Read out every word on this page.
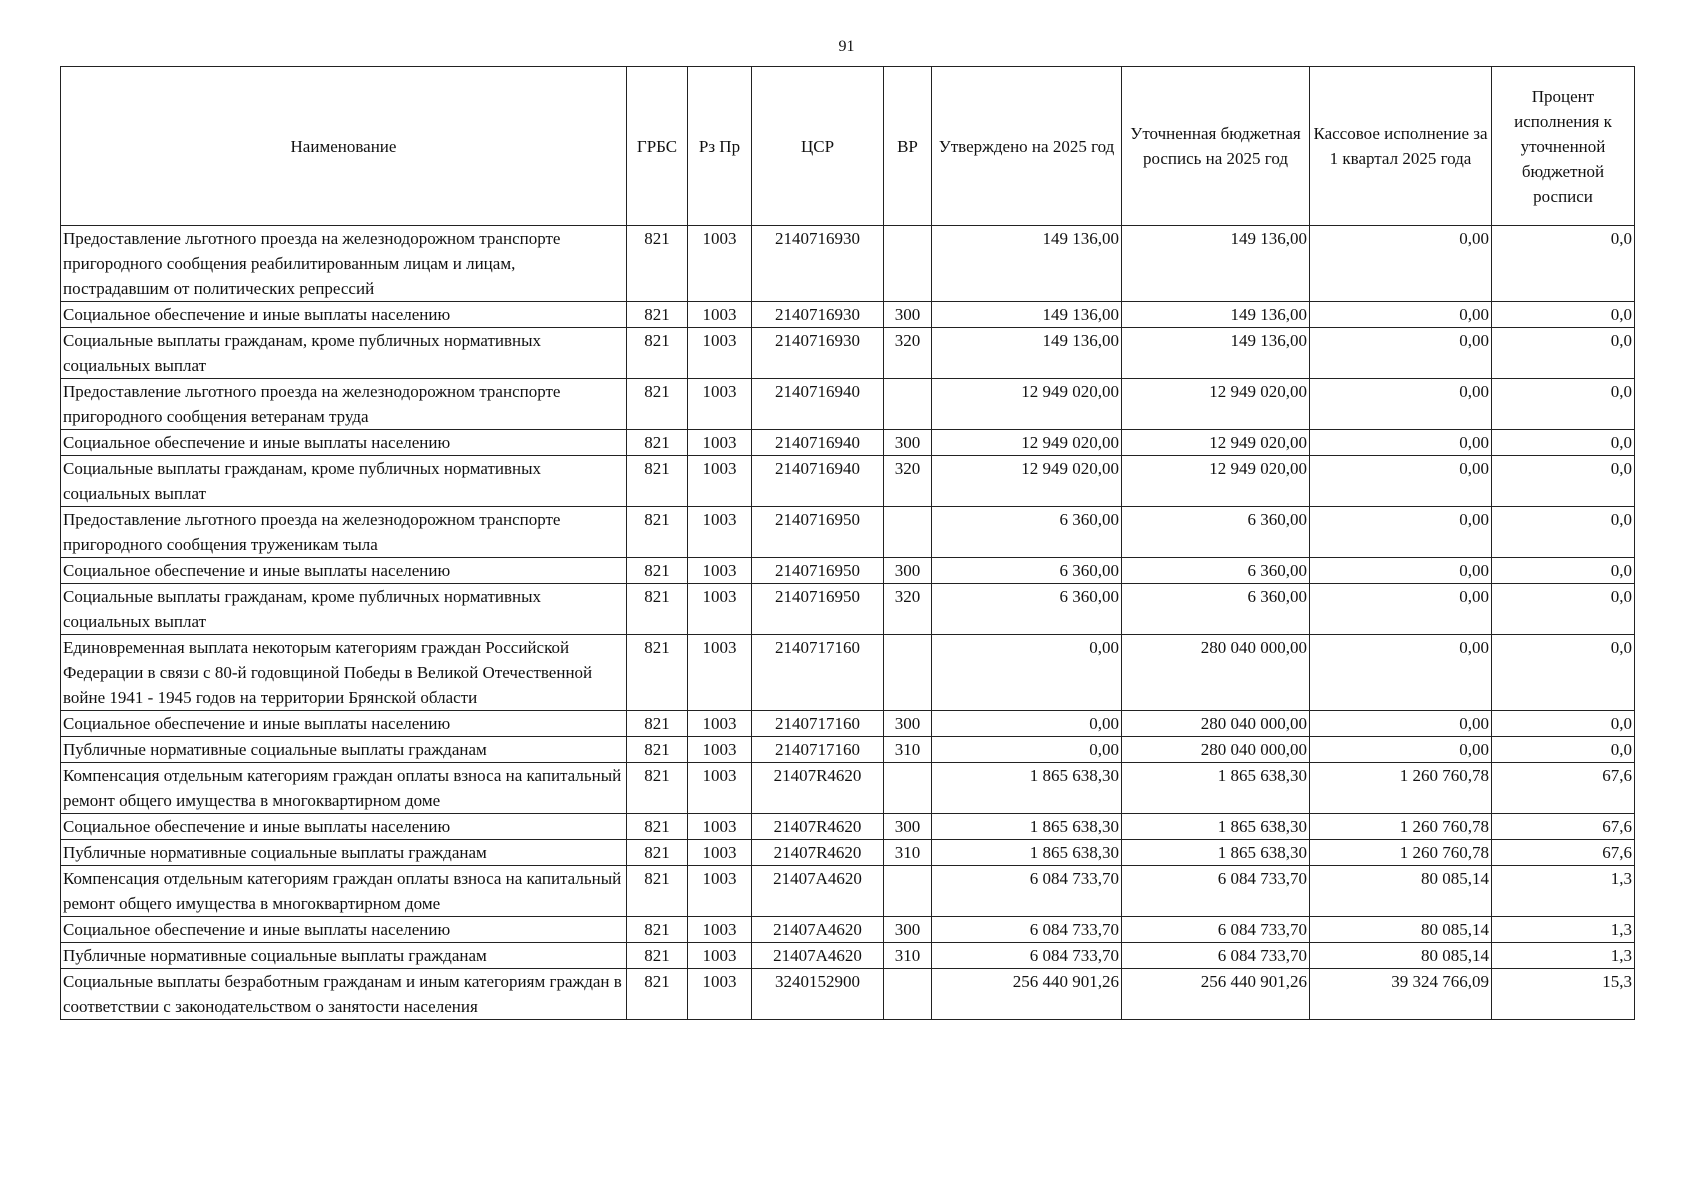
91
Наименование	ГРБС	Рз Пр	ЦСР	ВР	Утверждено на 2025 год	Уточненная бюджетная роспись на 2025 год	Кассовое исполнение за 1 квартал 2025 года	Процент исполнения к уточненной бюджетной росписи
Предоставление льготного проезда на железнодорожном транспорте пригородного сообщения реабилитированным лицам и лицам, пострадавшим от политических репрессий	821	1003	2140716930		149 136,00	149 136,00	0,00	0,0
Социальное обеспечение и иные выплаты населению	821	1003	2140716930	300	149 136,00	149 136,00	0,00	0,0
Социальные выплаты гражданам, кроме публичных нормативных социальных выплат	821	1003	2140716930	320	149 136,00	149 136,00	0,00	0,0
Предоставление льготного проезда на железнодорожном транспорте пригородного сообщения ветеранам труда	821	1003	2140716940		12 949 020,00	12 949 020,00	0,00	0,0
Социальное обеспечение и иные выплаты населению	821	1003	2140716940	300	12 949 020,00	12 949 020,00	0,00	0,0
Социальные выплаты гражданам, кроме публичных нормативных социальных выплат	821	1003	2140716940	320	12 949 020,00	12 949 020,00	0,00	0,0
Предоставление льготного проезда на железнодорожном транспорте пригородного сообщения труженикам тыла	821	1003	2140716950		6 360,00	6 360,00	0,00	0,0
Социальное обеспечение и иные выплаты населению	821	1003	2140716950	300	6 360,00	6 360,00	0,00	0,0
Социальные выплаты гражданам, кроме публичных нормативных социальных выплат	821	1003	2140716950	320	6 360,00	6 360,00	0,00	0,0
Единовременная выплата некоторым категориям граждан Российской Федерации в связи с 80-й годовщиной Победы в Великой Отечественной войне 1941 - 1945 годов на территории Брянской области	821	1003	2140717160		0,00	280 040 000,00	0,00	0,0
Социальное обеспечение и иные выплаты населению	821	1003	2140717160	300	0,00	280 040 000,00	0,00	0,0
Публичные нормативные социальные выплаты гражданам	821	1003	2140717160	310	0,00	280 040 000,00	0,00	0,0
Компенсация отдельным категориям граждан оплаты взноса на капитальный ремонт общего имущества в многоквартирном доме	821	1003	21407R4620		1 865 638,30	1 865 638,30	1 260 760,78	67,6
Социальное обеспечение и иные выплаты населению	821	1003	21407R4620	300	1 865 638,30	1 865 638,30	1 260 760,78	67,6
Публичные нормативные социальные выплаты гражданам	821	1003	21407R4620	310	1 865 638,30	1 865 638,30	1 260 760,78	67,6
Компенсация отдельным категориям граждан оплаты взноса на капитальный ремонт общего имущества в многоквартирном доме	821	1003	21407A4620		6 084 733,70	6 084 733,70	80 085,14	1,3
Социальное обеспечение и иные выплаты населению	821	1003	21407A4620	300	6 084 733,70	6 084 733,70	80 085,14	1,3
Публичные нормативные социальные выплаты гражданам	821	1003	21407A4620	310	6 084 733,70	6 084 733,70	80 085,14	1,3
Социальные выплаты безработным гражданам и иным категориям граждан в соответствии с законодательством о занятости населения	821	1003	3240152900		256 440 901,26	256 440 901,26	39 324 766,09	15,3
